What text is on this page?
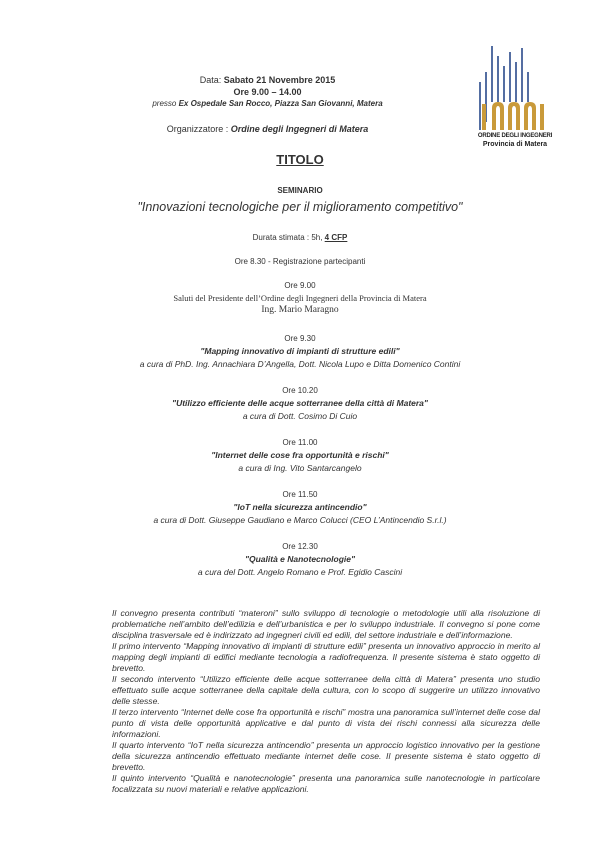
ORDINE DEGLI INGEGNERI
Provincia di Matera
Data: Sabato 21 Novembre 2015
Ore 9.00 – 14.00
presso Ex Ospedale San Rocco, Piazza San Giovanni, Matera
Organizzatore : Ordine degli Ingegneri di Matera
TITOLO
SEMINARIO
"Innovazioni tecnologiche per il miglioramento competitivo"
Durata stimata : 5h, 4 CFP
Ore 8.30 - Registrazione partecipanti
Ore 9.00
Saluti del Presidente dell’Ordine degli Ingegneri della Provincia di Matera
Ing. Mario Maragno
Ore 9.30
"Mapping innovativo di impianti di strutture edili"
a cura di PhD. Ing. Annachiara D’Angella, Dott. Nicola Lupo e Ditta Domenico Contini
Ore 10.20
"Utilizzo efficiente delle acque sotterranee della città di Matera"
a cura di Dott. Cosimo Di Cuio
Ore 11.00
"Internet delle cose fra opportunità e rischi"
a cura di Ing. Vito Santarcangelo
Ore 11.50
"IoT nella sicurezza antincendio"
a cura di Dott. Giuseppe Gaudiano e Marco Colucci (CEO L’Antincendio S.r.l.)
Ore 12.30
"Qualità e Nanotecnologie"
a cura del Dott. Angelo Romano e Prof. Egidio Cascini

Il convegno presenta contributi “materoni” sullo sviluppo di tecnologie o metodologie utili alla risoluzione di problematiche nell’ambito dell’edilizia e dell’urbanistica e per lo sviluppo industriale. Il convegno si pone come disciplina trasversale ed è indirizzato ad ingegneri civili ed edili, del settore industriale e dell’informazione.

Il primo intervento “Mapping innovativo di impianti di strutture edili” presenta un innovativo approccio in merito al mapping degli impianti di edifici mediante tecnologia a radiofrequenza. Il presente sistema è stato oggetto di brevetto.

Il secondo intervento “Utilizzo efficiente delle acque sotterranee della città di Matera” presenta uno studio effettuato sulle acque sotterranee della capitale della cultura, con lo scopo di suggerire un utilizzo innovativo delle stesse.

Il terzo intervento “Internet delle cose fra opportunità e rischi” mostra una panoramica sull’internet delle cose dal punto di vista delle opportunità applicative e dal punto di vista dei rischi connessi alla sicurezza delle informazioni.

Il quarto intervento “IoT nella sicurezza antincendio” presenta un approccio logistico innovativo per la gestione della sicurezza antincendio effettuato mediante internet delle cose. Il presente sistema è stato oggetto di brevetto.

Il quinto intervento “Qualità e nanotecnologie” presenta una panoramica sulle nanotecnologie in particolare focalizzata su nuovi materiali e relative applicazioni.
